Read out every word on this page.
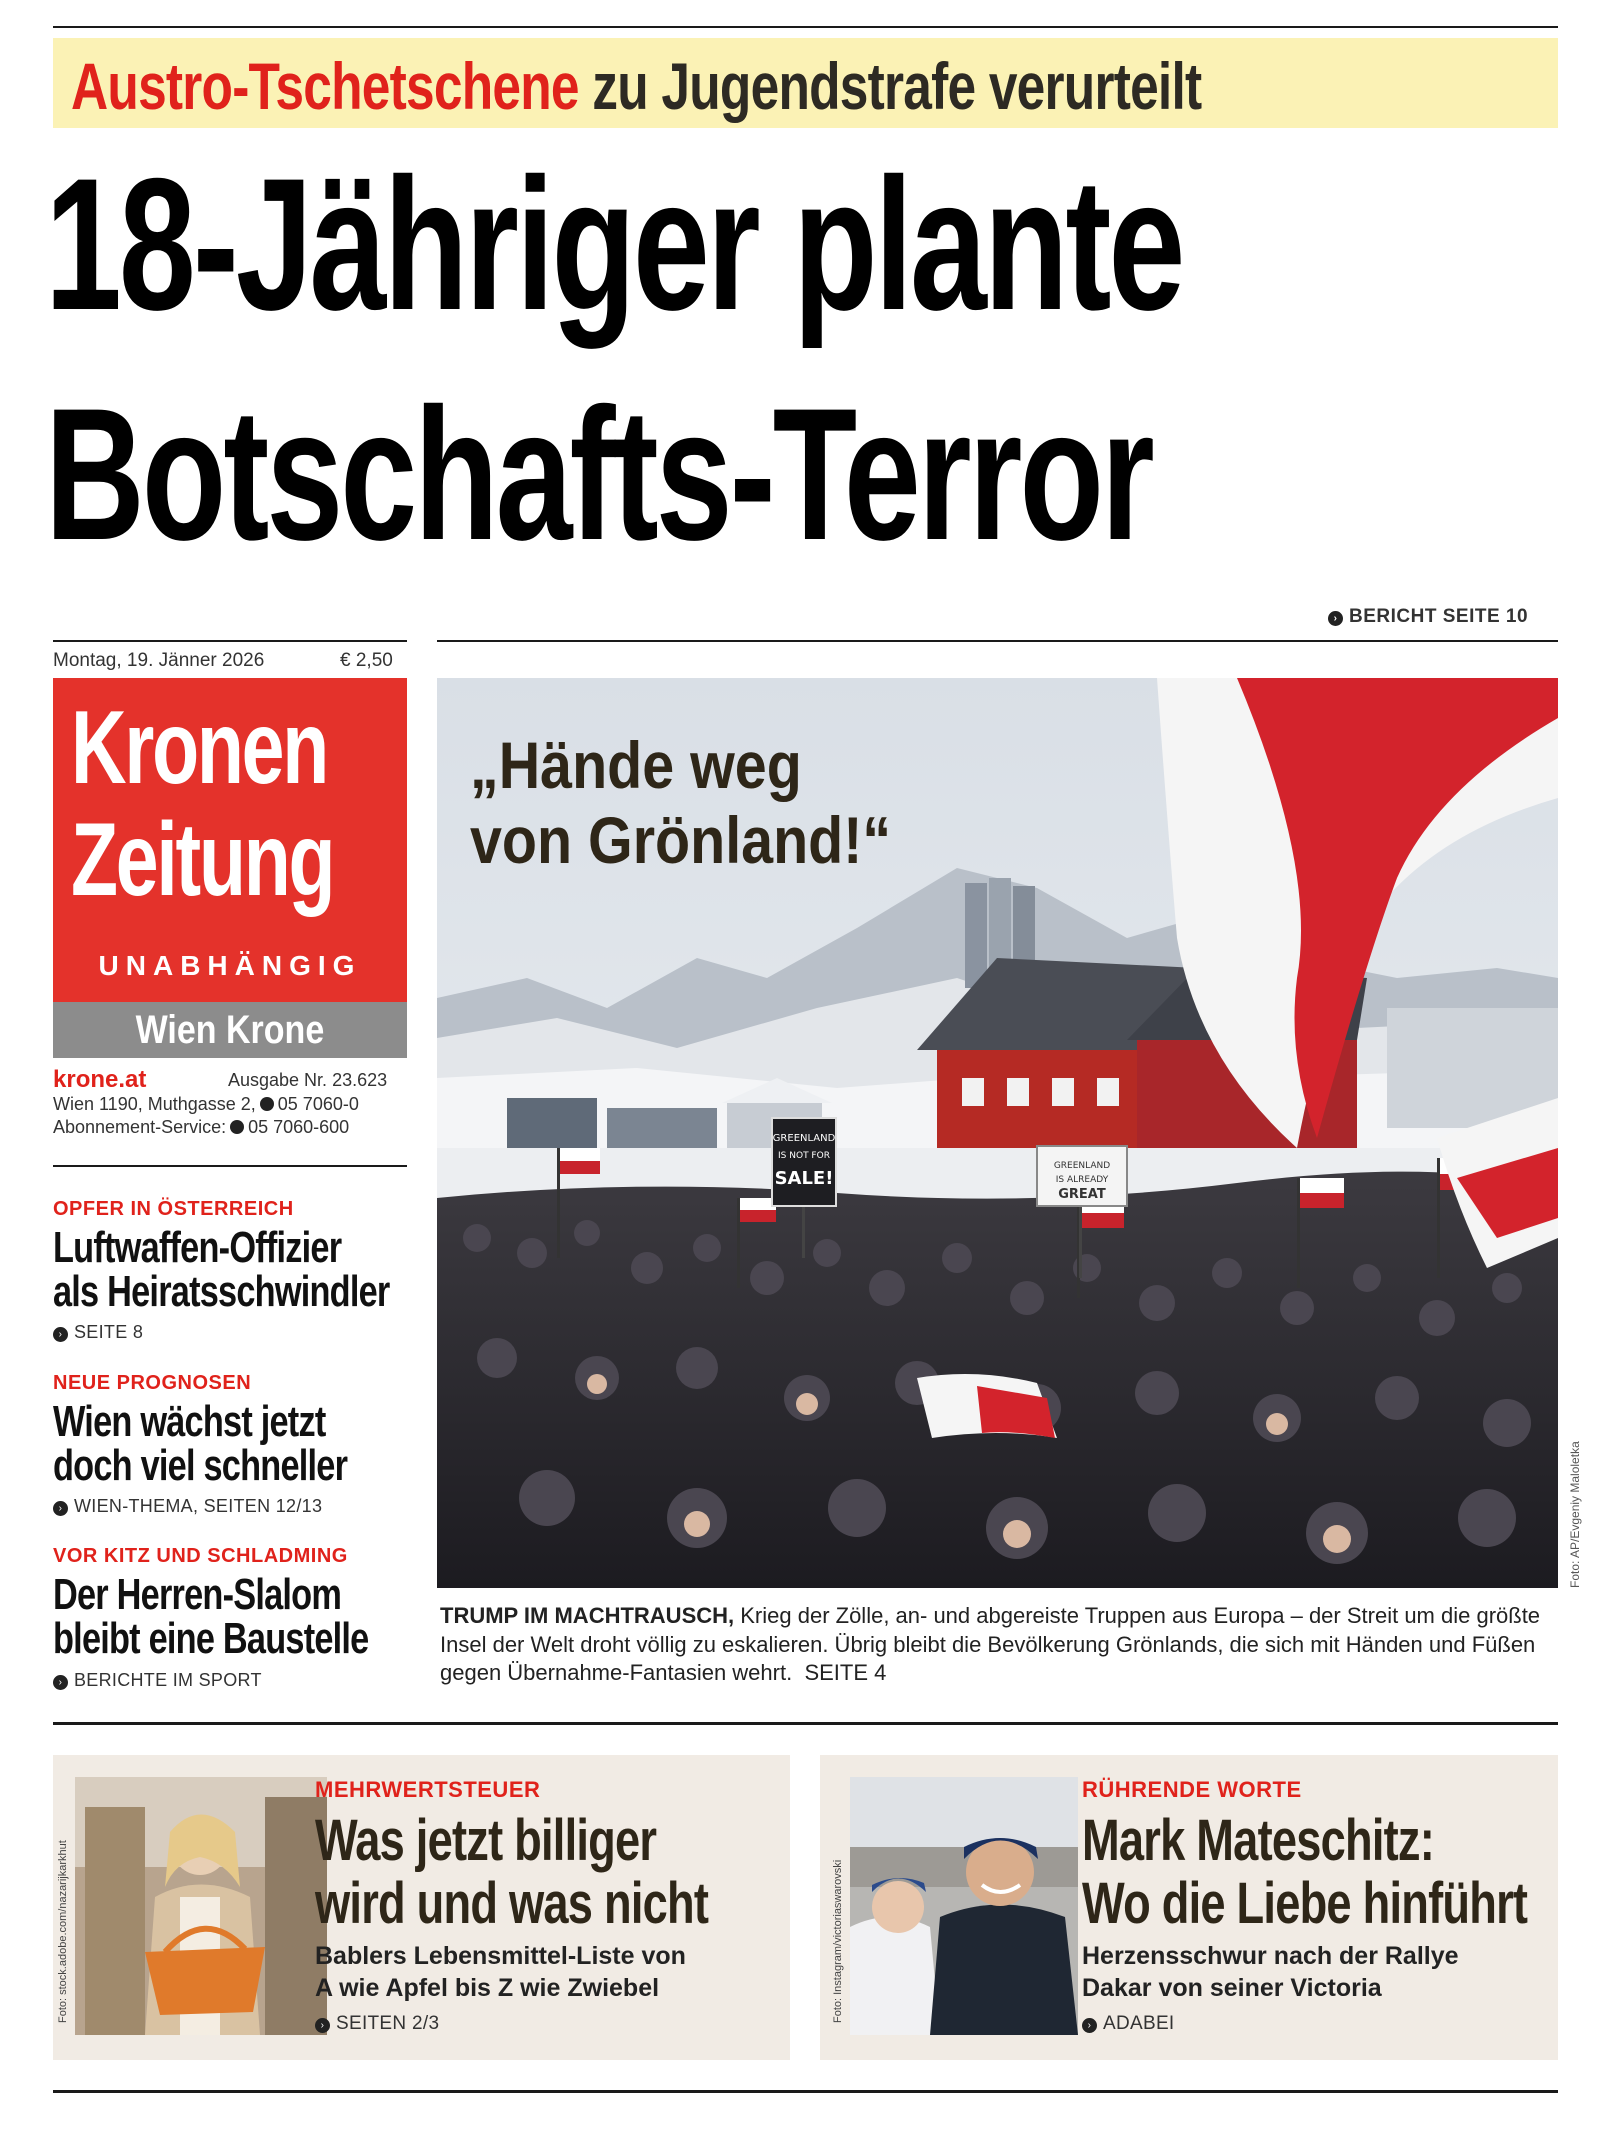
Austro-Tschetschene zu Jugendstrafe verurteilt
18-Jähriger plante
Botschafts-Terror
› BERICHT SEITE 10
Montag, 19. Jänner 2026	€ 2,50
Kronen
Zeitung
UNABHÄNGIG
Wien Krone
krone.at	Ausgabe Nr. 23.623
Wien 1190, Muthgasse 2, 05 7060-0
Abonnement-Service: 05 7060-600
OPFER IN ÖSTERREICH
Luftwaffen-Offizier
als Heiratsschwindler
› SEITE 8
NEUE PROGNOSEN
Wien wächst jetzt
doch viel schneller
› WIEN-THEMA, SEITEN 12/13
VOR KITZ UND SCHLADMING
Der Herren-Slalom
bleibt eine Baustelle
› BERICHTE IM SPORT
GREENLAND
IS NOT FOR
SALE!
GREENLAND
IS ALREADY
GREAT
„Hände weg
von Grönland!“
Foto: AP/Evgeniy Maloletka
TRUMP IM MACHTRAUSCH, Krieg der Zölle, an- und abgereiste Truppen aus Europa – der Streit um die größte Insel der Welt droht völlig zu eskalieren. Übrig bleibt die Bevölkerung Grönlands, die sich mit Händen und Füßen gegen Übernahme-Fantasien wehrt. SEITE 4
Foto: stock.adobe.com/nazarijkarkhut
MEHRWERTSTEUER
Was jetzt billiger
wird und was nicht
Bablers Lebensmittel-Liste von
A wie Apfel bis Z wie Zwiebel
› SEITEN 2/3
Foto: Instagram/victoriaswarovski
RÜHRENDE WORTE
Mark Mateschitz:
Wo die Liebe hinführt
Herzensschwur nach der Rallye
Dakar von seiner Victoria
› ADABEI
